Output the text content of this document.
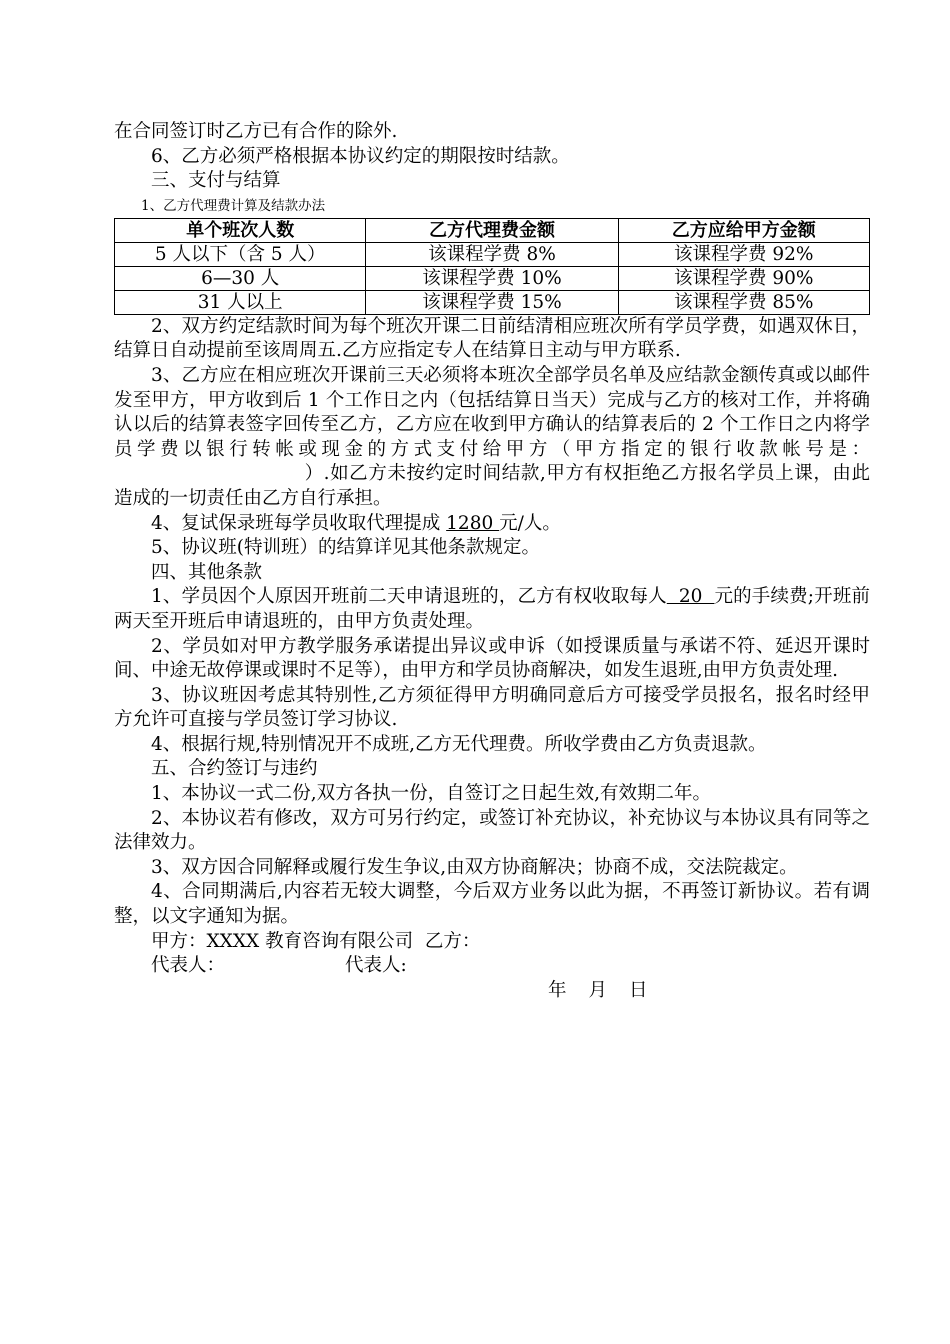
在合同签订时乙方已有合作的除外.

6、乙方必须严格根据本协议约定的期限按时结款。

三、支付与结算

1、乙方代理费计算及结款办法

单个班次人数	乙方代理费金额	乙方应给甲方金额
5 人以下（含 5 人）	该课程学费 8%	该课程学费 92%
6—30 人	该课程学费 10%	该课程学费 90%
31 人以上	该课程学费 15%	该课程学费 85%

2、双方约定结款时间为每个班次开课二日前结清相应班次所有学员学费，如遇双休日，结算日自动提前至该周周五.乙方应指定专人在结算日主动与甲方联系.

3、乙方应在相应班次开课前三天必须将本班次全部学员名单及应结款金额传真或以邮件发至甲方，甲方收到后 1 个工作日之内（包括结算日当天）完成与乙方的核对工作，并将确认以后的结算表签字回传至乙方，乙方应在收到甲方确认的结算表后的 2 个工作日之内将学员学费以银行转帐或现金的方式支付给甲方（甲方指定的银行收款帐号是：）.如乙方未按约定时间结款,甲方有权拒绝乙方报名学员上课，由此造成的一切责任由乙方自行承担。

4、复试保录班每学员收取代理提成 1280 元/人。

5、协议班(特训班）的结算详见其他条款规定。

四、其他条款

1、学员因个人原因开班前二天申请退班的，乙方有权收取每人  20  元的手续费;开班前两天至开班后申请退班的，由甲方负责处理。

2、学员如对甲方教学服务承诺提出异议或申诉（如授课质量与承诺不符、延迟开课时间、中途无故停课或课时不足等），由甲方和学员协商解决，如发生退班,由甲方负责处理.

3、协议班因考虑其特别性,乙方须征得甲方明确同意后方可接受学员报名，报名时经甲方允许可直接与学员签订学习协议.

4、根据行规,特别情况开不成班,乙方无代理费。所收学费由乙方负责退款。

五、合约签订与违约

1、本协议一式二份,双方各执一份，自签订之日起生效,有效期二年。

2、本协议若有修改，双方可另行约定，或签订补充协议，补充协议与本协议具有同等之法律效力。

3、双方因合同解释或履行发生争议,由双方协商解决；协商不成，交法院裁定。

4、合同期满后,内容若无较大调整，今后双方业务以此为据，不再签订新协议。若有调整，以文字通知为据。

甲方：XXXX 教育咨询有限公司 乙方：

代表人：	代表人:

年 月 日
